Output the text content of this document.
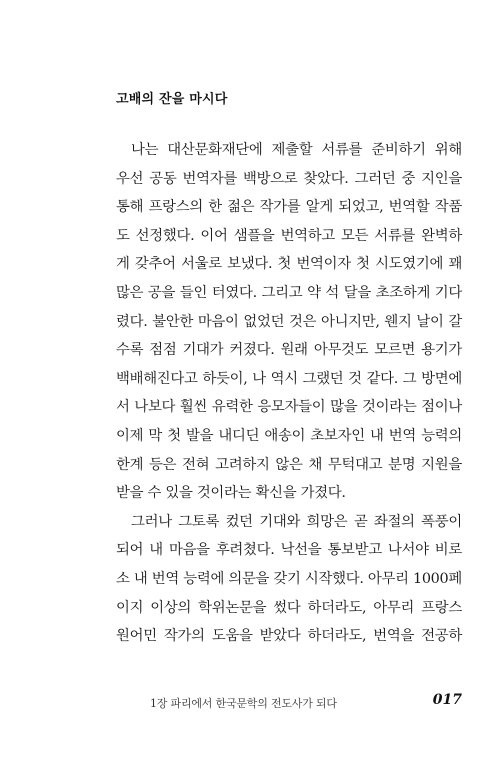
고배의 잔을 마시다

나는 대산문화재단에 제출할 서류를 준비하기 위해
우선 공동 번역자를 백방으로 찾았다. 그러던 중 지인을
통해 프랑스의 한 젊은 작가를 알게 되었고, 번역할 작품
도 선정했다. 이어 샘플을 번역하고 모든 서류를 완벽하
게 갖추어 서울로 보냈다. 첫 번역이자 첫 시도였기에 꽤
많은 공을 들인 터였다. 그리고 약 석 달을 초조하게 기다
렸다. 불안한 마음이 없었던 것은 아니지만, 웬지 날이 갈
수록 점점 기대가 커졌다. 원래 아무것도 모르면 용기가
백배해진다고 하듯이, 나 역시 그랬던 것 같다. 그 방면에
서 나보다 훨씬 유력한 응모자들이 많을 것이라는 점이나
이제 막 첫 발을 내디딘 애송이 초보자인 내 번역 능력의
한계 등은 전혀 고려하지 않은 채 무턱대고 분명 지원을
받을 수 있을 것이라는 확신을 가졌다.

그러나 그토록 컸던 기대와 희망은 곧 좌절의 폭풍이
되어 내 마음을 후려쳤다. 낙선을 통보받고 나서야 비로
소 내 번역 능력에 의문을 갖기 시작했다. 아무리 1000페
이지 이상의 학위논문을 썼다 하더라도, 아무리 프랑스
원어민 작가의 도움을 받았다 하더라도, 번역을 전공하

1장 파리에서 한국문학의 전도사가 되다	017
